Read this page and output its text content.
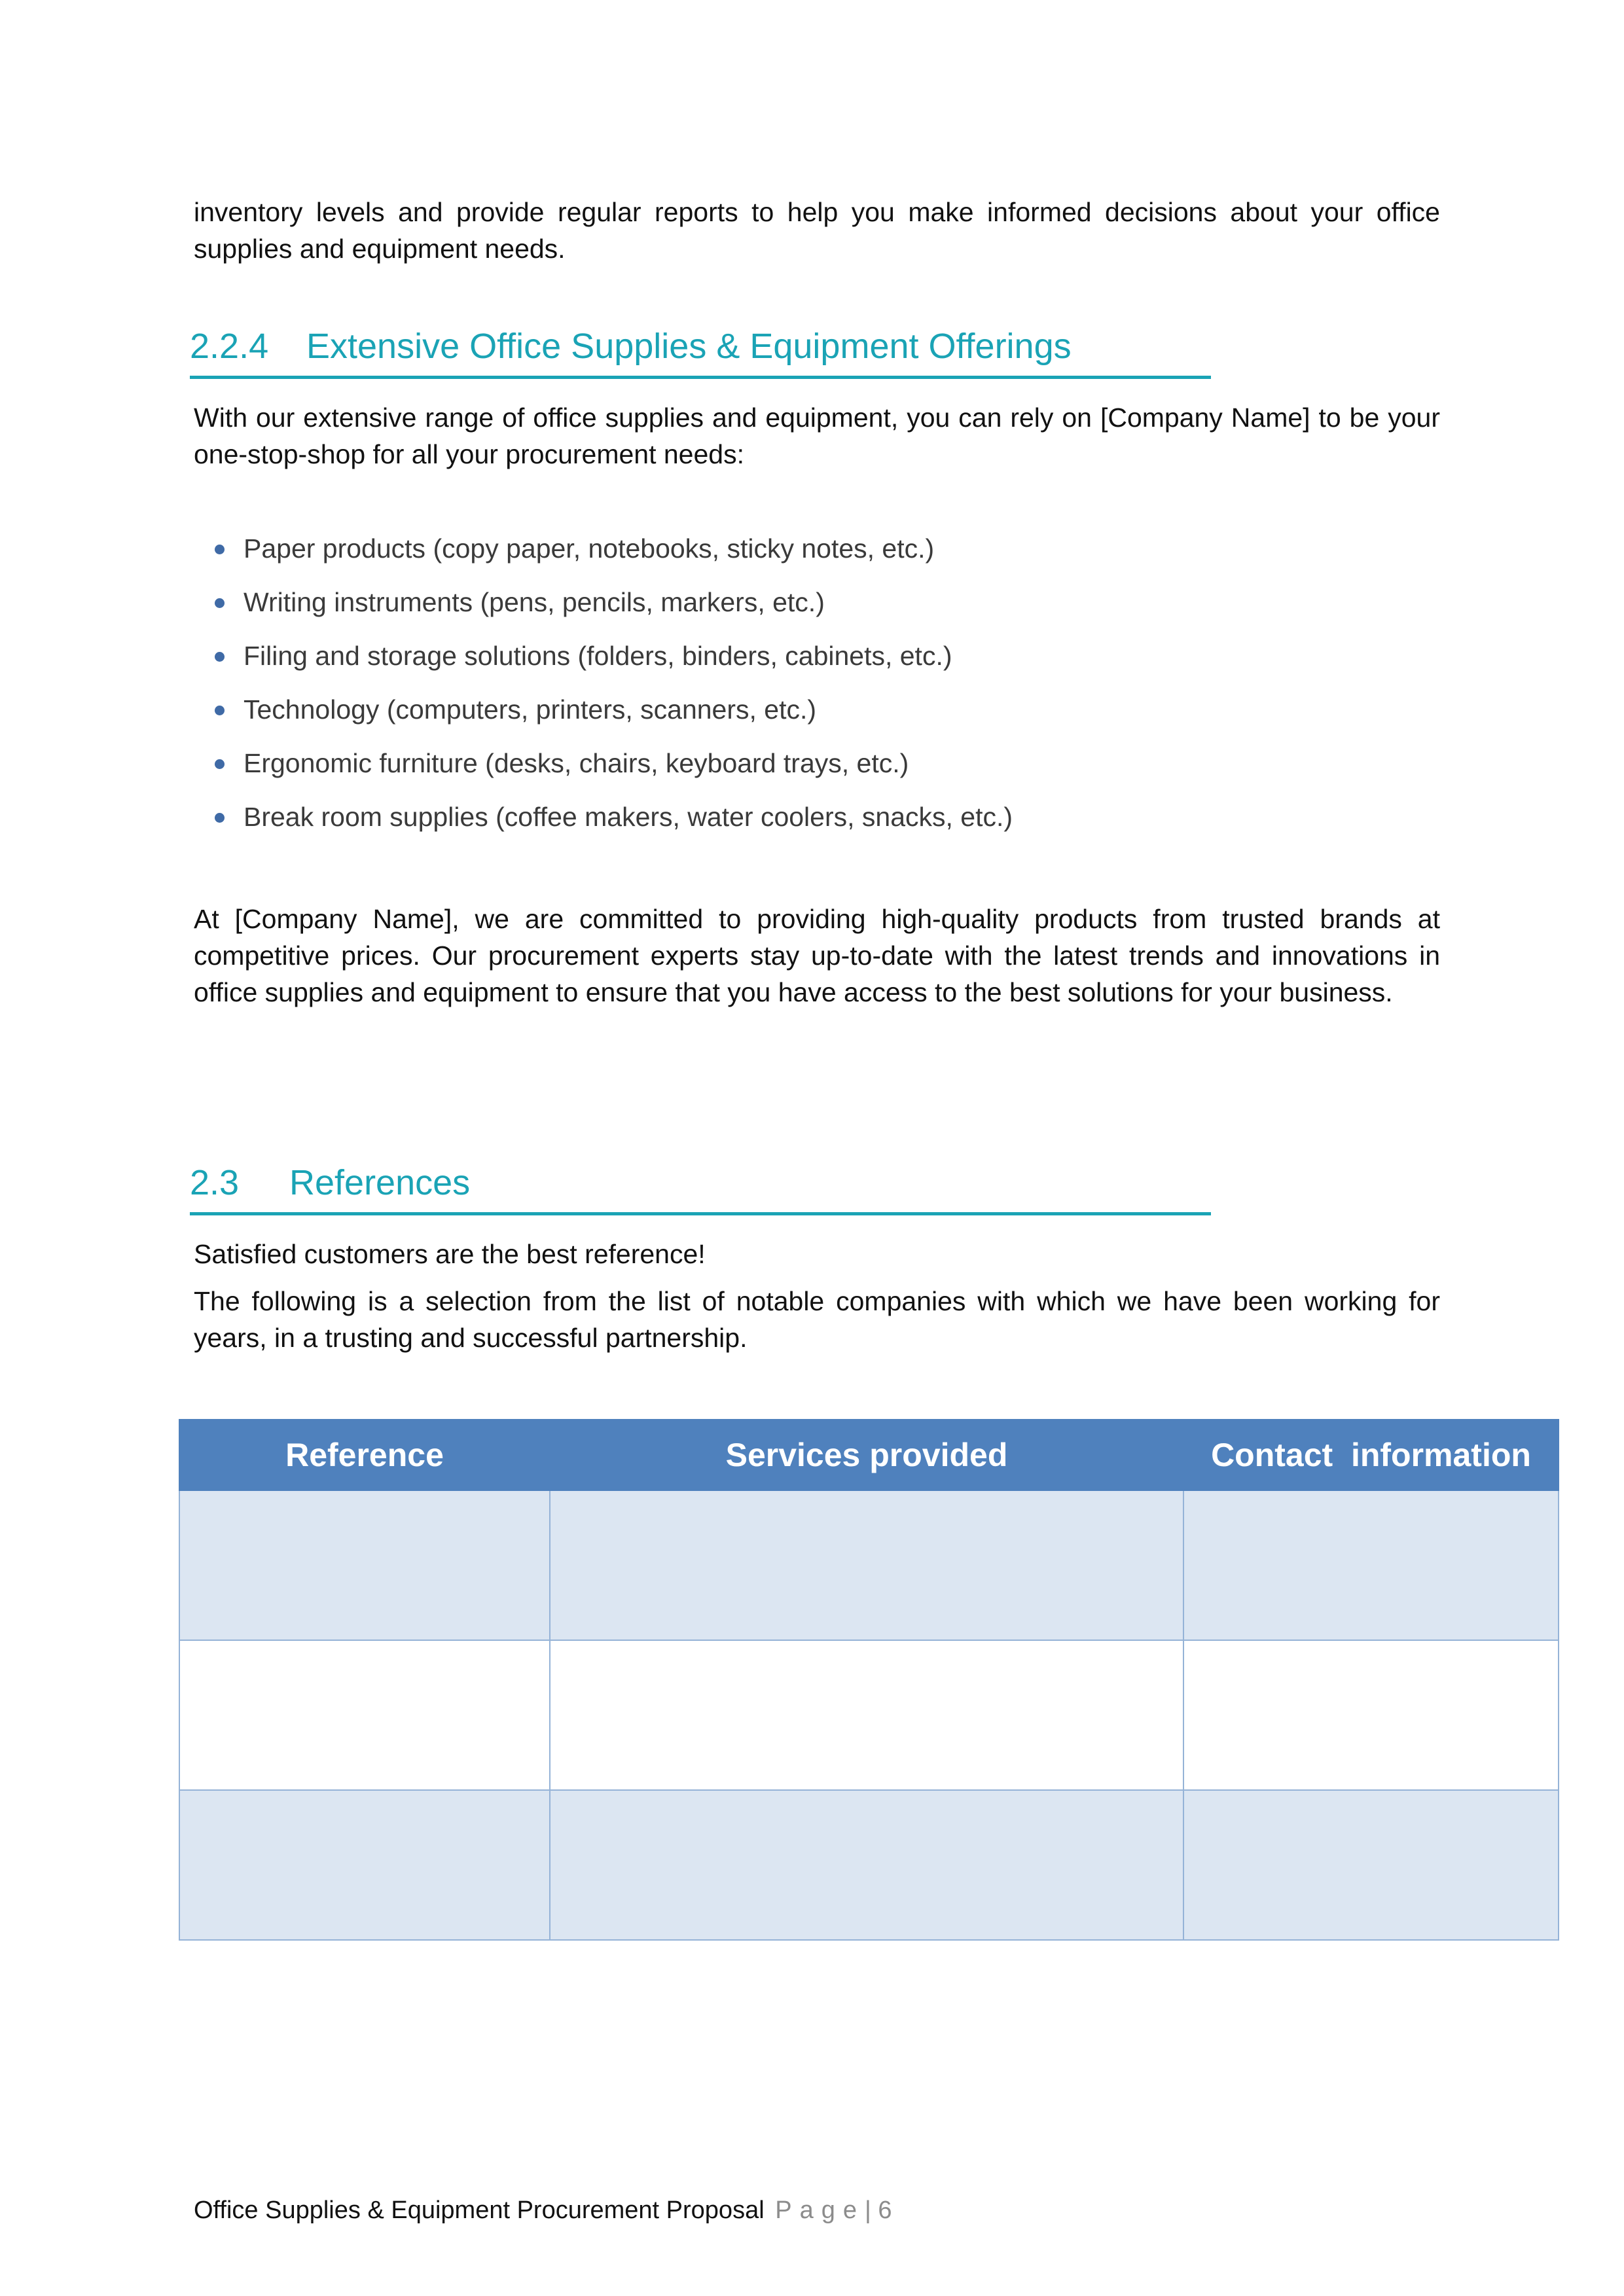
inventory levels and provide regular reports to help you make informed decisions about your office supplies and equipment needs.

2.2.4 Extensive Office Supplies & Equipment Offerings

With our extensive range of office supplies and equipment, you can rely on [Company Name] to be your one-stop-shop for all your procurement needs:

Paper products (copy paper, notebooks, sticky notes, etc.)
Writing instruments (pens, pencils, markers, etc.)
Filing and storage solutions (folders, binders, cabinets, etc.)
Technology (computers, printers, scanners, etc.)
Ergonomic furniture (desks, chairs, keyboard trays, etc.)
Break room supplies (coffee makers, water coolers, snacks, etc.)

At [Company Name], we are committed to providing high-quality products from trusted brands at competitive prices. Our procurement experts stay up-to-date with the latest trends and innovations in office supplies and equipment to ensure that you have access to the best solutions for your business.

2.3 References

Satisfied customers are the best reference!

The following is a selection from the list of notable companies with which we have been working for years, in a trusting and successful partnership.

Reference	Services provided	Contact  information

Office Supplies & Equipment Procurement Proposal Page| 6
